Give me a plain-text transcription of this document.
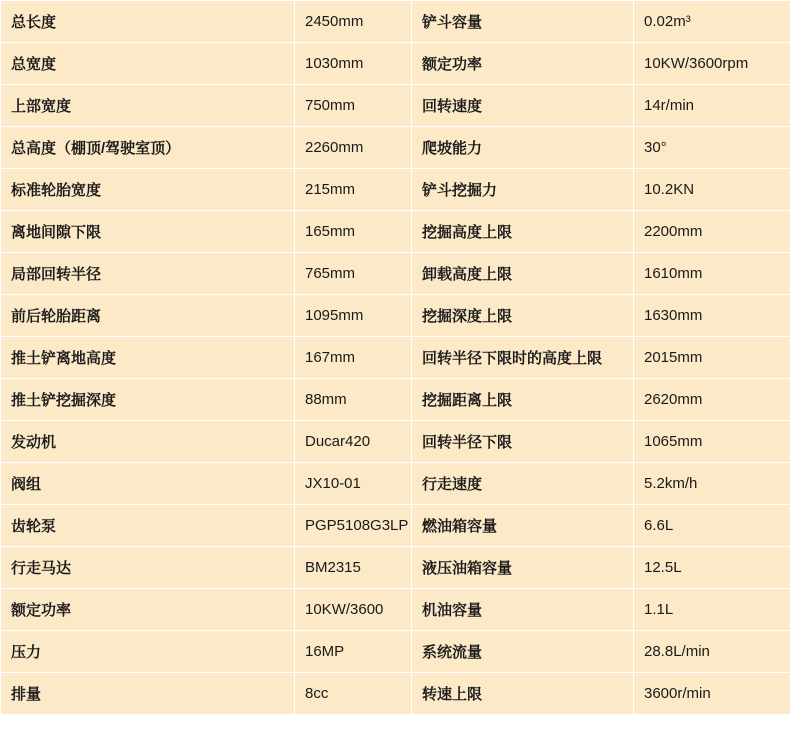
总长度	2450mm	铲斗容量	0.02m³
总宽度	1030mm	额定功率	10KW/3600rpm
上部宽度	750mm	回转速度	14r/min
总高度（棚顶/驾驶室顶）	2260mm	爬坡能力	30°
标准轮胎宽度	215mm	铲斗挖掘力	10.2KN
离地间隙下限	165mm	挖掘高度上限	2200mm
局部回转半径	765mm	卸载高度上限	1610mm
前后轮胎距离	1095mm	挖掘深度上限	1630mm
推土铲离地高度	167mm	回转半径下限时的高度上限	2015mm
推土铲挖掘深度	88mm	挖掘距离上限	2620mm
发动机	Ducar420	回转半径下限	1065mm
阀组	JX10-01	行走速度	5.2km/h
齿轮泵	PGP5108G3LP	燃油箱容量	6.6L
行走马达	BM2315	液压油箱容量	12.5L
额定功率	10KW/3600	机油容量	1.1L
压力	16MP	系统流量	28.8L/min
排量	8cc	转速上限	3600r/min
